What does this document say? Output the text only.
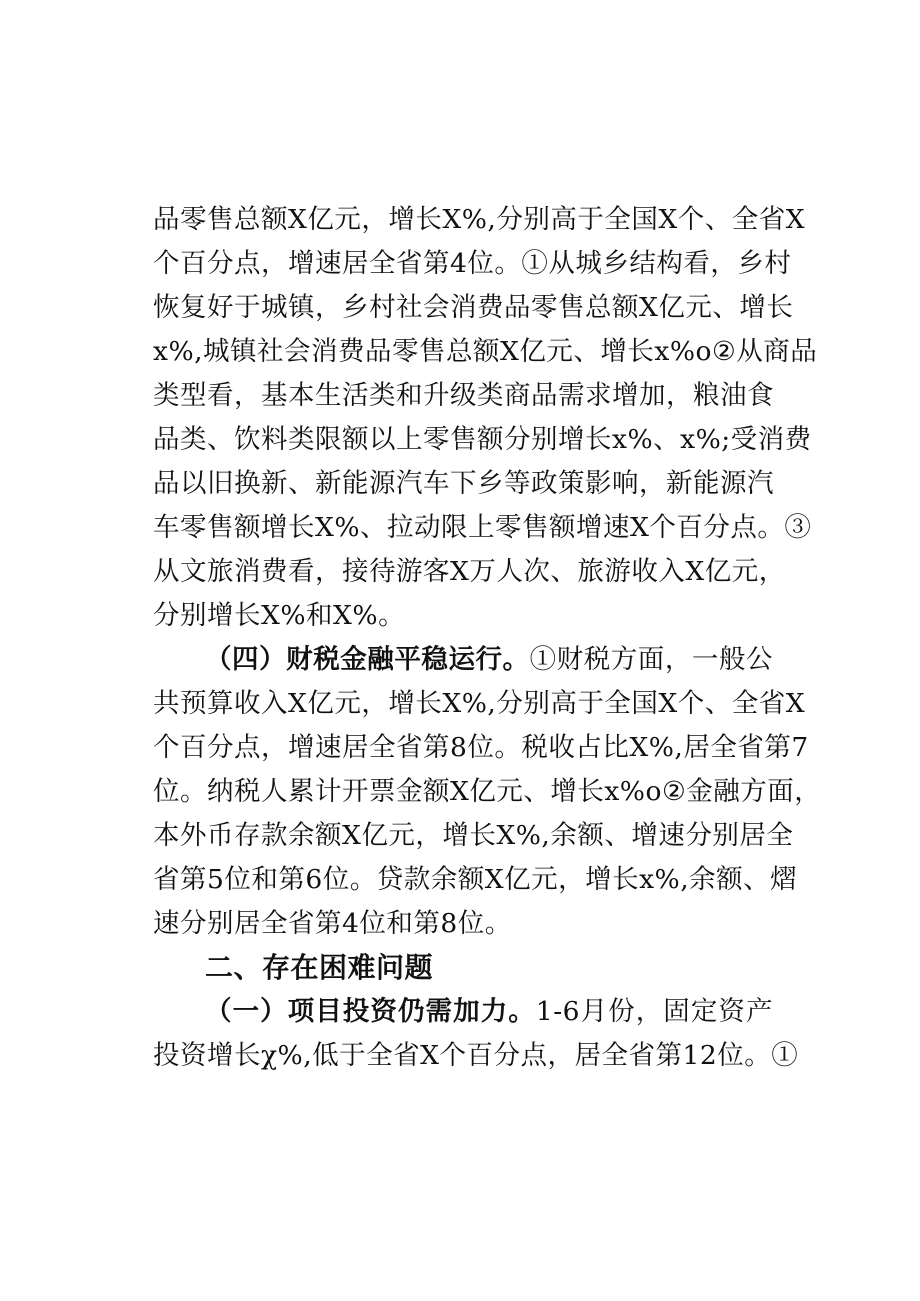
品零售总额X亿元，增长X%,分别高于全国X个、全省X
个百分点，增速居全省第4位。①从城乡结构看，乡村
恢复好于城镇，乡村社会消费品零售总额X亿元、增长
x%,城镇社会消费品零售总额X亿元、增长x%o②从商品
类型看，基本生活类和升级类商品需求增加，粮油食
品类、饮料类限额以上零售额分别增长x%、x%;受消费
品以旧换新、新能源汽车下乡等政策影响，新能源汽
车零售额增长X%、拉动限上零售额增速X个百分点。③
从文旅消费看，接待游客X万人次、旅游收入X亿元，
分别增长X%和X%。
（四）财税金融平稳运行。①财税方面，一般公
共预算收入X亿元，增长X%,分别高于全国X个、全省X
个百分点，增速居全省第8位。税收占比X%,居全省第7
位。纳税人累计开票金额X亿元、增长x%o②金融方面，
本外币存款余额X亿元，增长X%,余额、增速分别居全
省第5位和第6位。贷款余额X亿元，增长x%,余额、熠
速分别居全省第4位和第8位。
二、存在困难问题
（一）项目投资仍需加力。1-6月份，固定资产
投资增长χ%,低于全省X个百分点，居全省第12位。①
